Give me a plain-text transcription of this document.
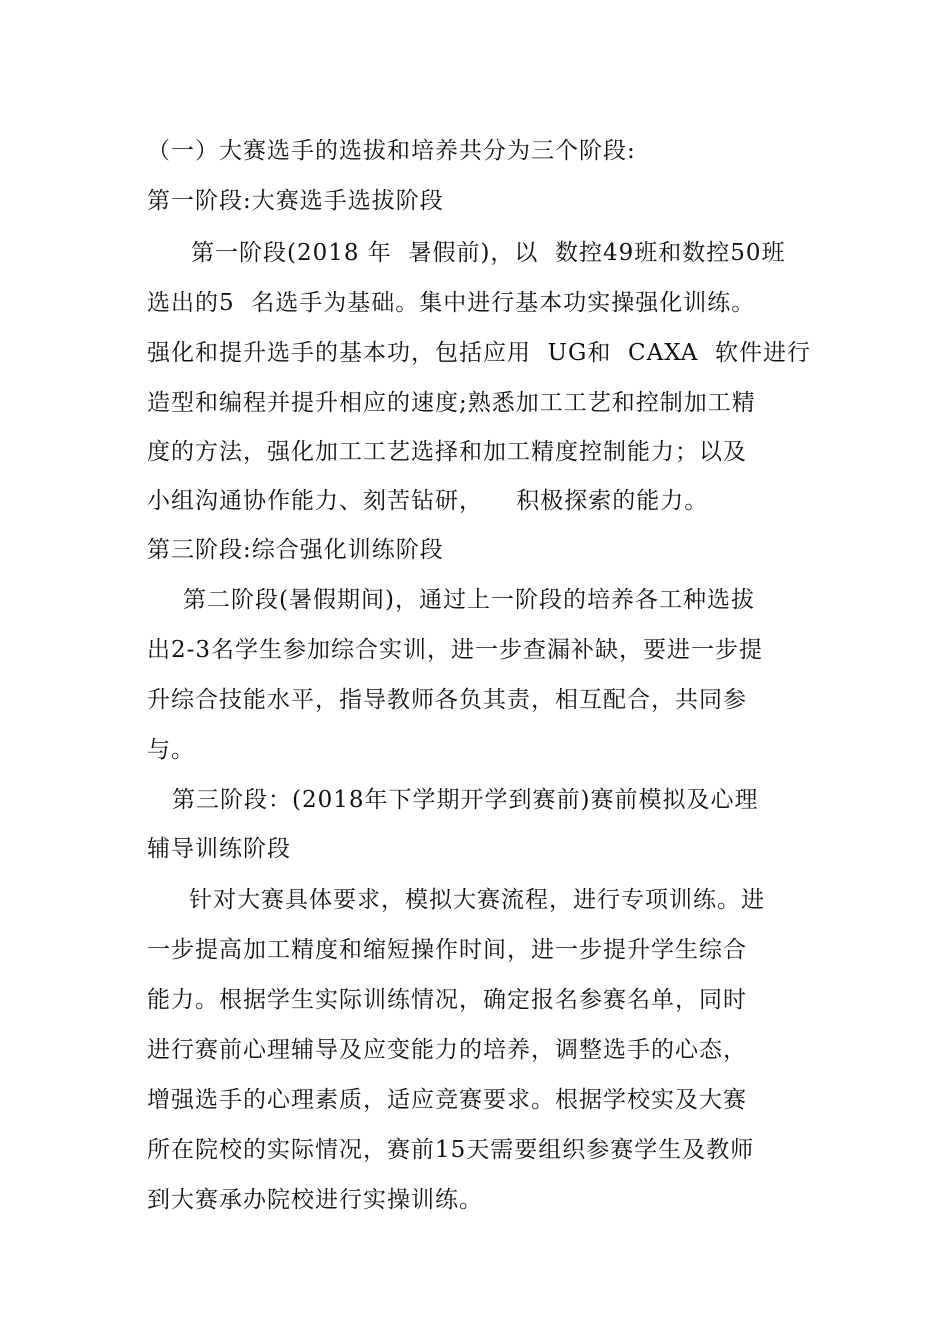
（一）大赛选手的选拔和培养共分为三个阶段:
第一阶段:大赛选手选拔阶段
第一阶段(2018 年  暑假前)，以  数控49班和数控50班
选出的5  名选手为基础。集中进行基本功实操强化训练。
强化和提升选手的基本功，包括应用  UG和  CAXA  软件进行
造型和编程并提升相应的速度;熟悉加工工艺和控制加工精
度的方法，强化加工工艺选择和加工精度控制能力；以及
小组沟通协作能力、刻苦钻研，    积极探索的能力。
第三阶段:综合强化训练阶段
第二阶段(暑假期间)，通过上一阶段的培养各工种选拔
出2-3名学生参加综合实训，进一步查漏补缺，要进一步提
升综合技能水平，指导教师各负其责，相互配合，共同参
与。
第三阶段：(2018年下学期开学到赛前)赛前模拟及心理
辅导训练阶段
针对大赛具体要求，模拟大赛流程，进行专项训练。进
一步提高加工精度和缩短操作时间，进一步提升学生综合
能力。根据学生实际训练情况，确定报名参赛名单，同时
进行赛前心理辅导及应变能力的培养，调整选手的心态，
增强选手的心理素质，适应竞赛要求。根据学校实及大赛
所在院校的实际情况，赛前15天需要组织参赛学生及教师
到大赛承办院校进行实操训练。
